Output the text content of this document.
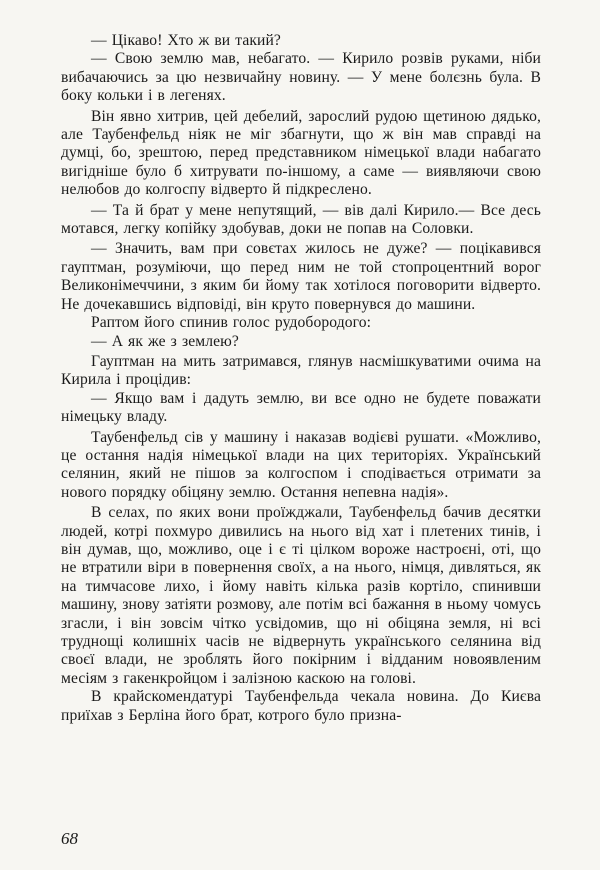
— Цікаво! Хто ж ви такий?

— Свою землю мав, небагато. — Кирило розвів руками, ніби вибачаючись за цю незвичайну новину. — У мене болєзнь була. В боку кольки і в легенях.

Він явно хитрив, цей дебелий, зарослий рудою щетиною дядько, але Таубенфельд ніяк не міг збагнути, що ж він мав справді на думці, бо, зрештою, перед представником німецької влади набагато вигідніше було б хитрувати по-іншому, а саме — виявляючи свою нелюбов до колгоспу відверто й підкреслено.

— Та й брат у мене непутящий, — вів далі Кирило.— Все десь мотався, легку копійку здобував, доки не попав на Соловки.

— Значить, вам при совєтах жилось не дуже? — поцікавився гауптман, розуміючи, що перед ним не той стопроцентний ворог Великонімеччини, з яким би йому так хотілося поговорити відверто. Не дочекавшись відповіді, він круто повернувся до машини.

Раптом його спинив голос рудобородого:

— А як же з землею?

Гауптман на мить затримався, глянув насмішкуватими очима на Кирила і процідив:

— Якщо вам і дадуть землю, ви все одно не будете поважати німецьку владу.

Таубенфельд сів у машину і наказав водієві рушати. «Можливо, це остання надія німецької влади на цих територіях. Український селянин, який не пішов за колгоспом і сподівається отримати за нового порядку обіцяну землю. Остання непевна надія».

В селах, по яких вони проїжджали, Таубенфельд бачив десятки людей, котрі похмуро дивились на нього від хат і плетених тинів, і він думав, що, можливо, оце і є ті цілком вороже настроєні, оті, що не втратили віри в повернення своїх, а на нього, німця, дивляться, як на тимчасове лихо, і йому навіть кілька разів кортіло, спинивши машину, знову затіяти розмову, але потім всі бажання в ньому чомусь згасли, і він зовсім чітко усвідомив, що ні обіцяна земля, ні всі труднощі колишніх часів не відвернуть українського селянина від своєї влади, не зроблять його покірним і відданим новоявленим месіям з гакенкройцом і залізною каскою на голові.

В крайскомендатурі Таубенфельда чекала новина. До Києва приїхав з Берліна його брат, котрого було призна-

68
